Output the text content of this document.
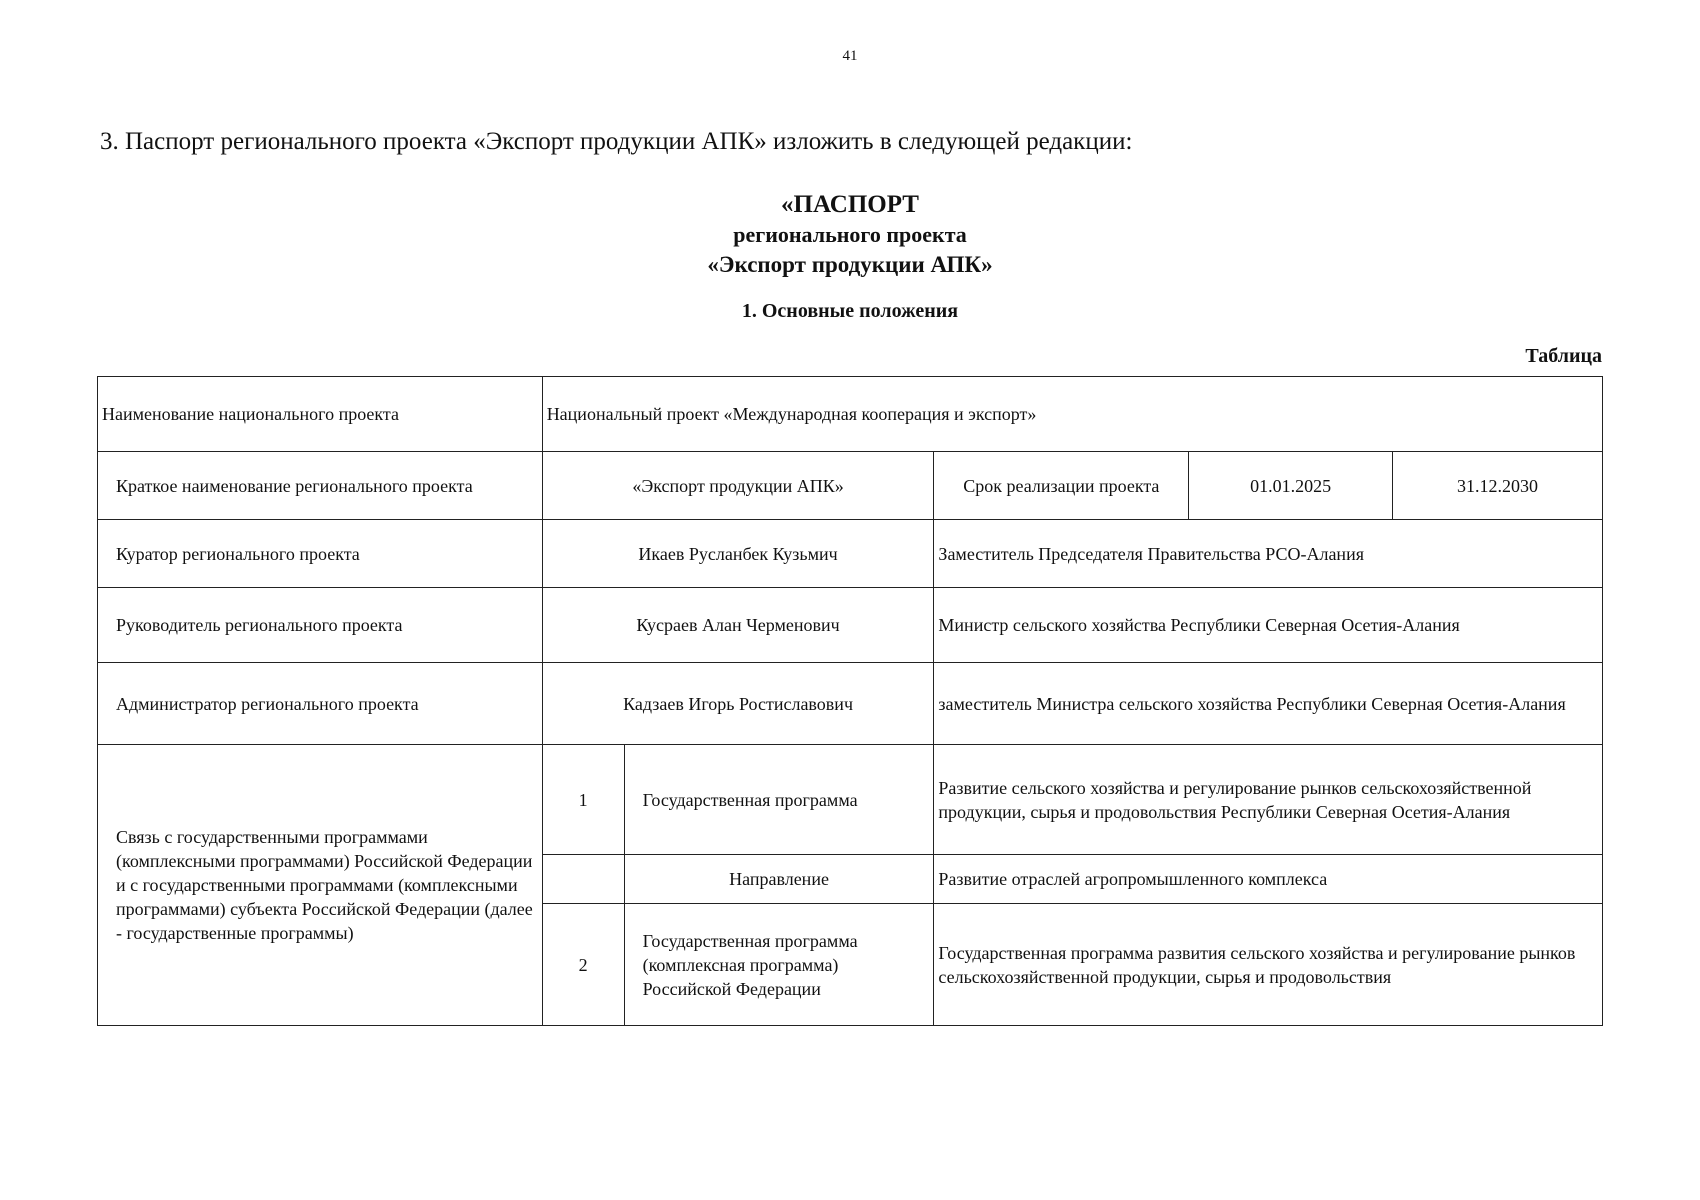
41
3. Паспорт регионального проекта «Экспорт продукции АПК» изложить в следующей редакции:
«ПАСПОРТ
регионального проекта
«Экспорт продукции АПК»
1. Основные положения
Таблица
Наименование национального проекта	Национальный проект «Международная кооперация и экспорт»				
Краткое наименование регионального проекта	«Экспорт продукции АПК»		Срок реализации проекта	01.01.2025	31.12.2030
Куратор регионального проекта	Икаев Русланбек Кузьмич		Заместитель Председателя Правительства РСО-Алания		
Руководитель регионального проекта	Кусраев Алан Черменович		Министр сельского хозяйства Республики Северная Осетия-Алания		
Администратор регионального проекта	Кадзаев Игорь Ростиславович		заместитель Министра сельского хозяйства Республики Северная Осетия-Алания		
Связь с государственными программами (комплексными программами) Российской Федерации и с государственными программами (комплексными программами) субъекта Российской Федерации (далее - государственные программы)	1	Государственная программа	Развитие сельского хозяйства и регулирование рынков сельскохозяйственной продукции, сырья и продовольствия Республики Северная Осетия-Алания		
		Направление	Развитие отраслей агропромышленного комплекса		
	2	Государственная программа (комплексная программа) Российской Федерации	Государственная программа развития сельского хозяйства и регулирование рынков сельскохозяйственной продукции, сырья и продовольствия		
